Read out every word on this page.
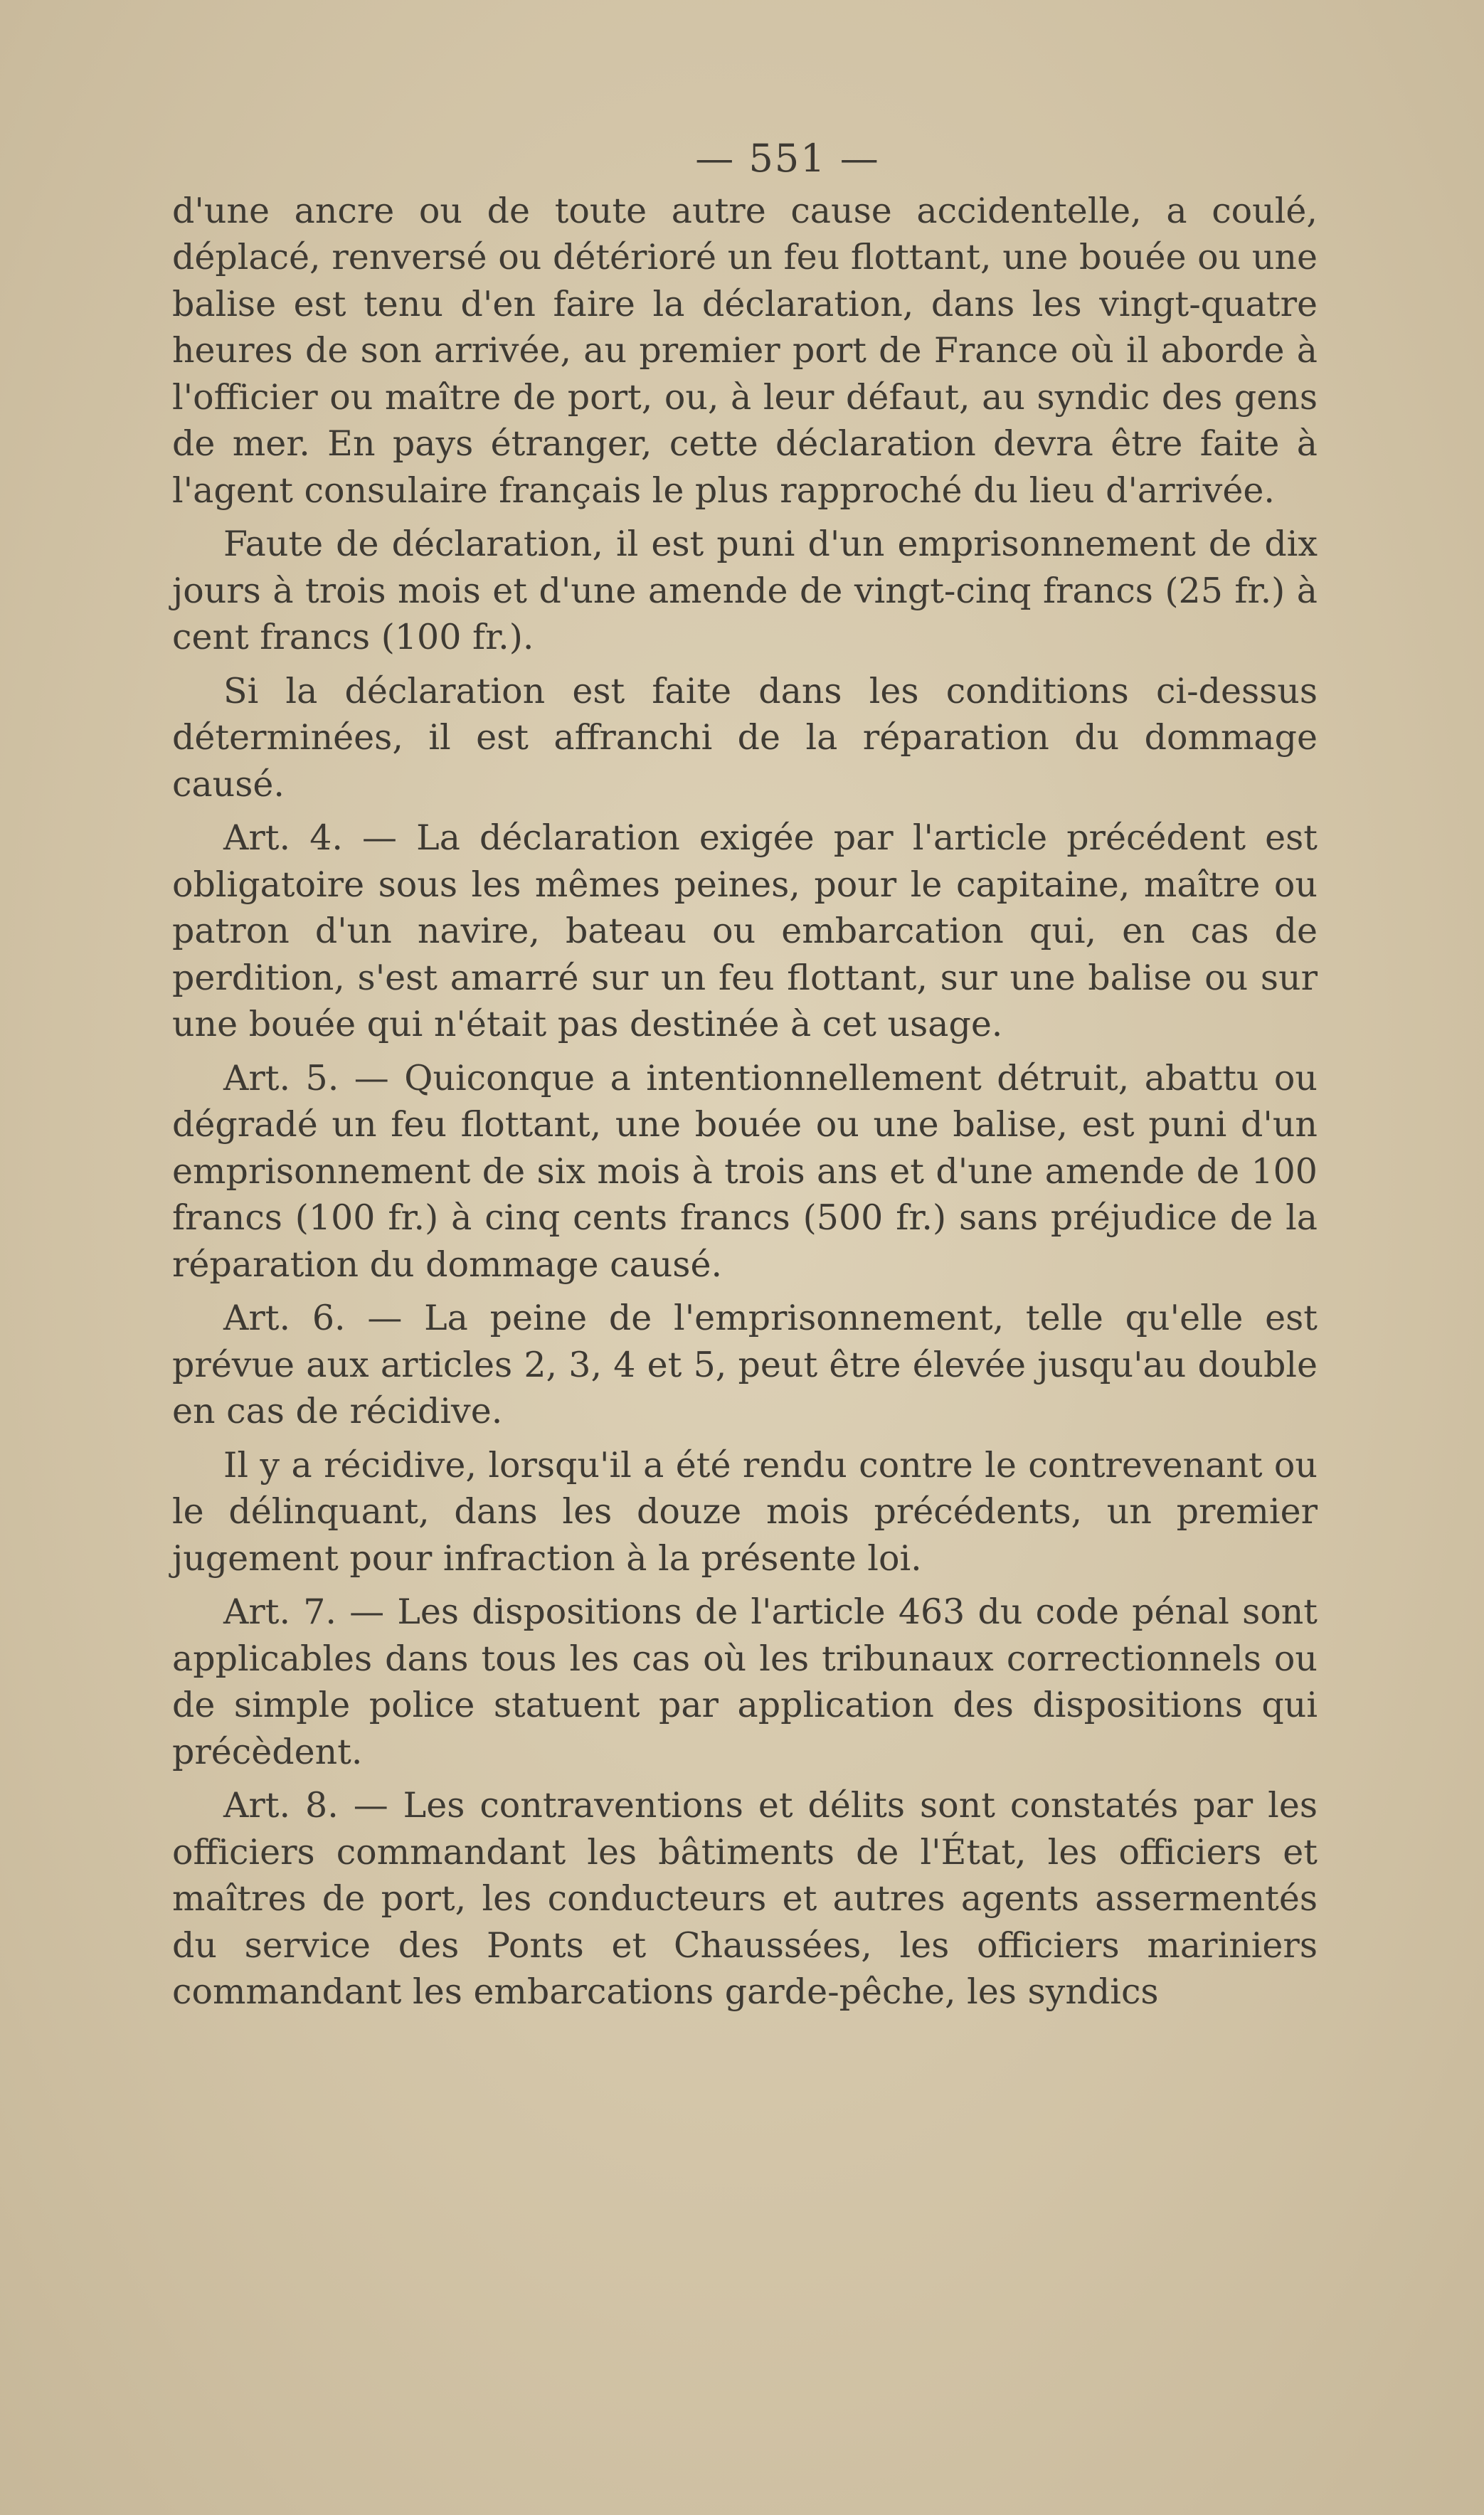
— 551 —

d'une ancre ou de toute autre cause accidentelle, a coulé, déplacé, renversé ou détérioré un feu flottant, une bouée ou une balise est tenu d'en faire la déclaration, dans les vingt-quatre heures de son arrivée, au premier port de France où il aborde à l'officier ou maître de port, ou, à leur défaut, au syndic des gens de mer. En pays étranger, cette déclaration devra être faite à l'agent consulaire français le plus rapproché du lieu d'arrivée.

Faute de déclaration, il est puni d'un emprisonnement de dix jours à trois mois et d'une amende de vingt-cinq francs (25 fr.) à cent francs (100 fr.).

Si la déclaration est faite dans les conditions ci-dessus déterminées, il est affranchi de la réparation du dommage causé.

Art. 4. — La déclaration exigée par l'article précédent est obligatoire sous les mêmes peines, pour le capitaine, maître ou patron d'un navire, bateau ou embarcation qui, en cas de perdition, s'est amarré sur un feu flottant, sur une balise ou sur une bouée qui n'était pas destinée à cet usage.

Art. 5. — Quiconque a intentionnellement détruit, abattu ou dégradé un feu flottant, une bouée ou une balise, est puni d'un emprisonnement de six mois à trois ans et d'une amende de 100 francs (100 fr.) à cinq cents francs (500 fr.) sans préjudice de la réparation du dommage causé.

Art. 6. — La peine de l'emprisonnement, telle qu'elle est prévue aux articles 2, 3, 4 et 5, peut être élevée jusqu'au double en cas de récidive.

Il y a récidive, lorsqu'il a été rendu contre le contrevenant ou le délinquant, dans les douze mois précédents, un premier jugement pour infraction à la présente loi.

Art. 7. — Les dispositions de l'article 463 du code pénal sont applicables dans tous les cas où les tribunaux correctionnels ou de simple police statuent par application des dispositions qui précèdent.

Art. 8. — Les contraventions et délits sont constatés par les officiers commandant les bâtiments de l'État, les officiers et maîtres de port, les conducteurs et autres agents assermentés du service des Ponts et Chaussées, les officiers mariniers commandant les embarcations garde-pêche, les syndics
